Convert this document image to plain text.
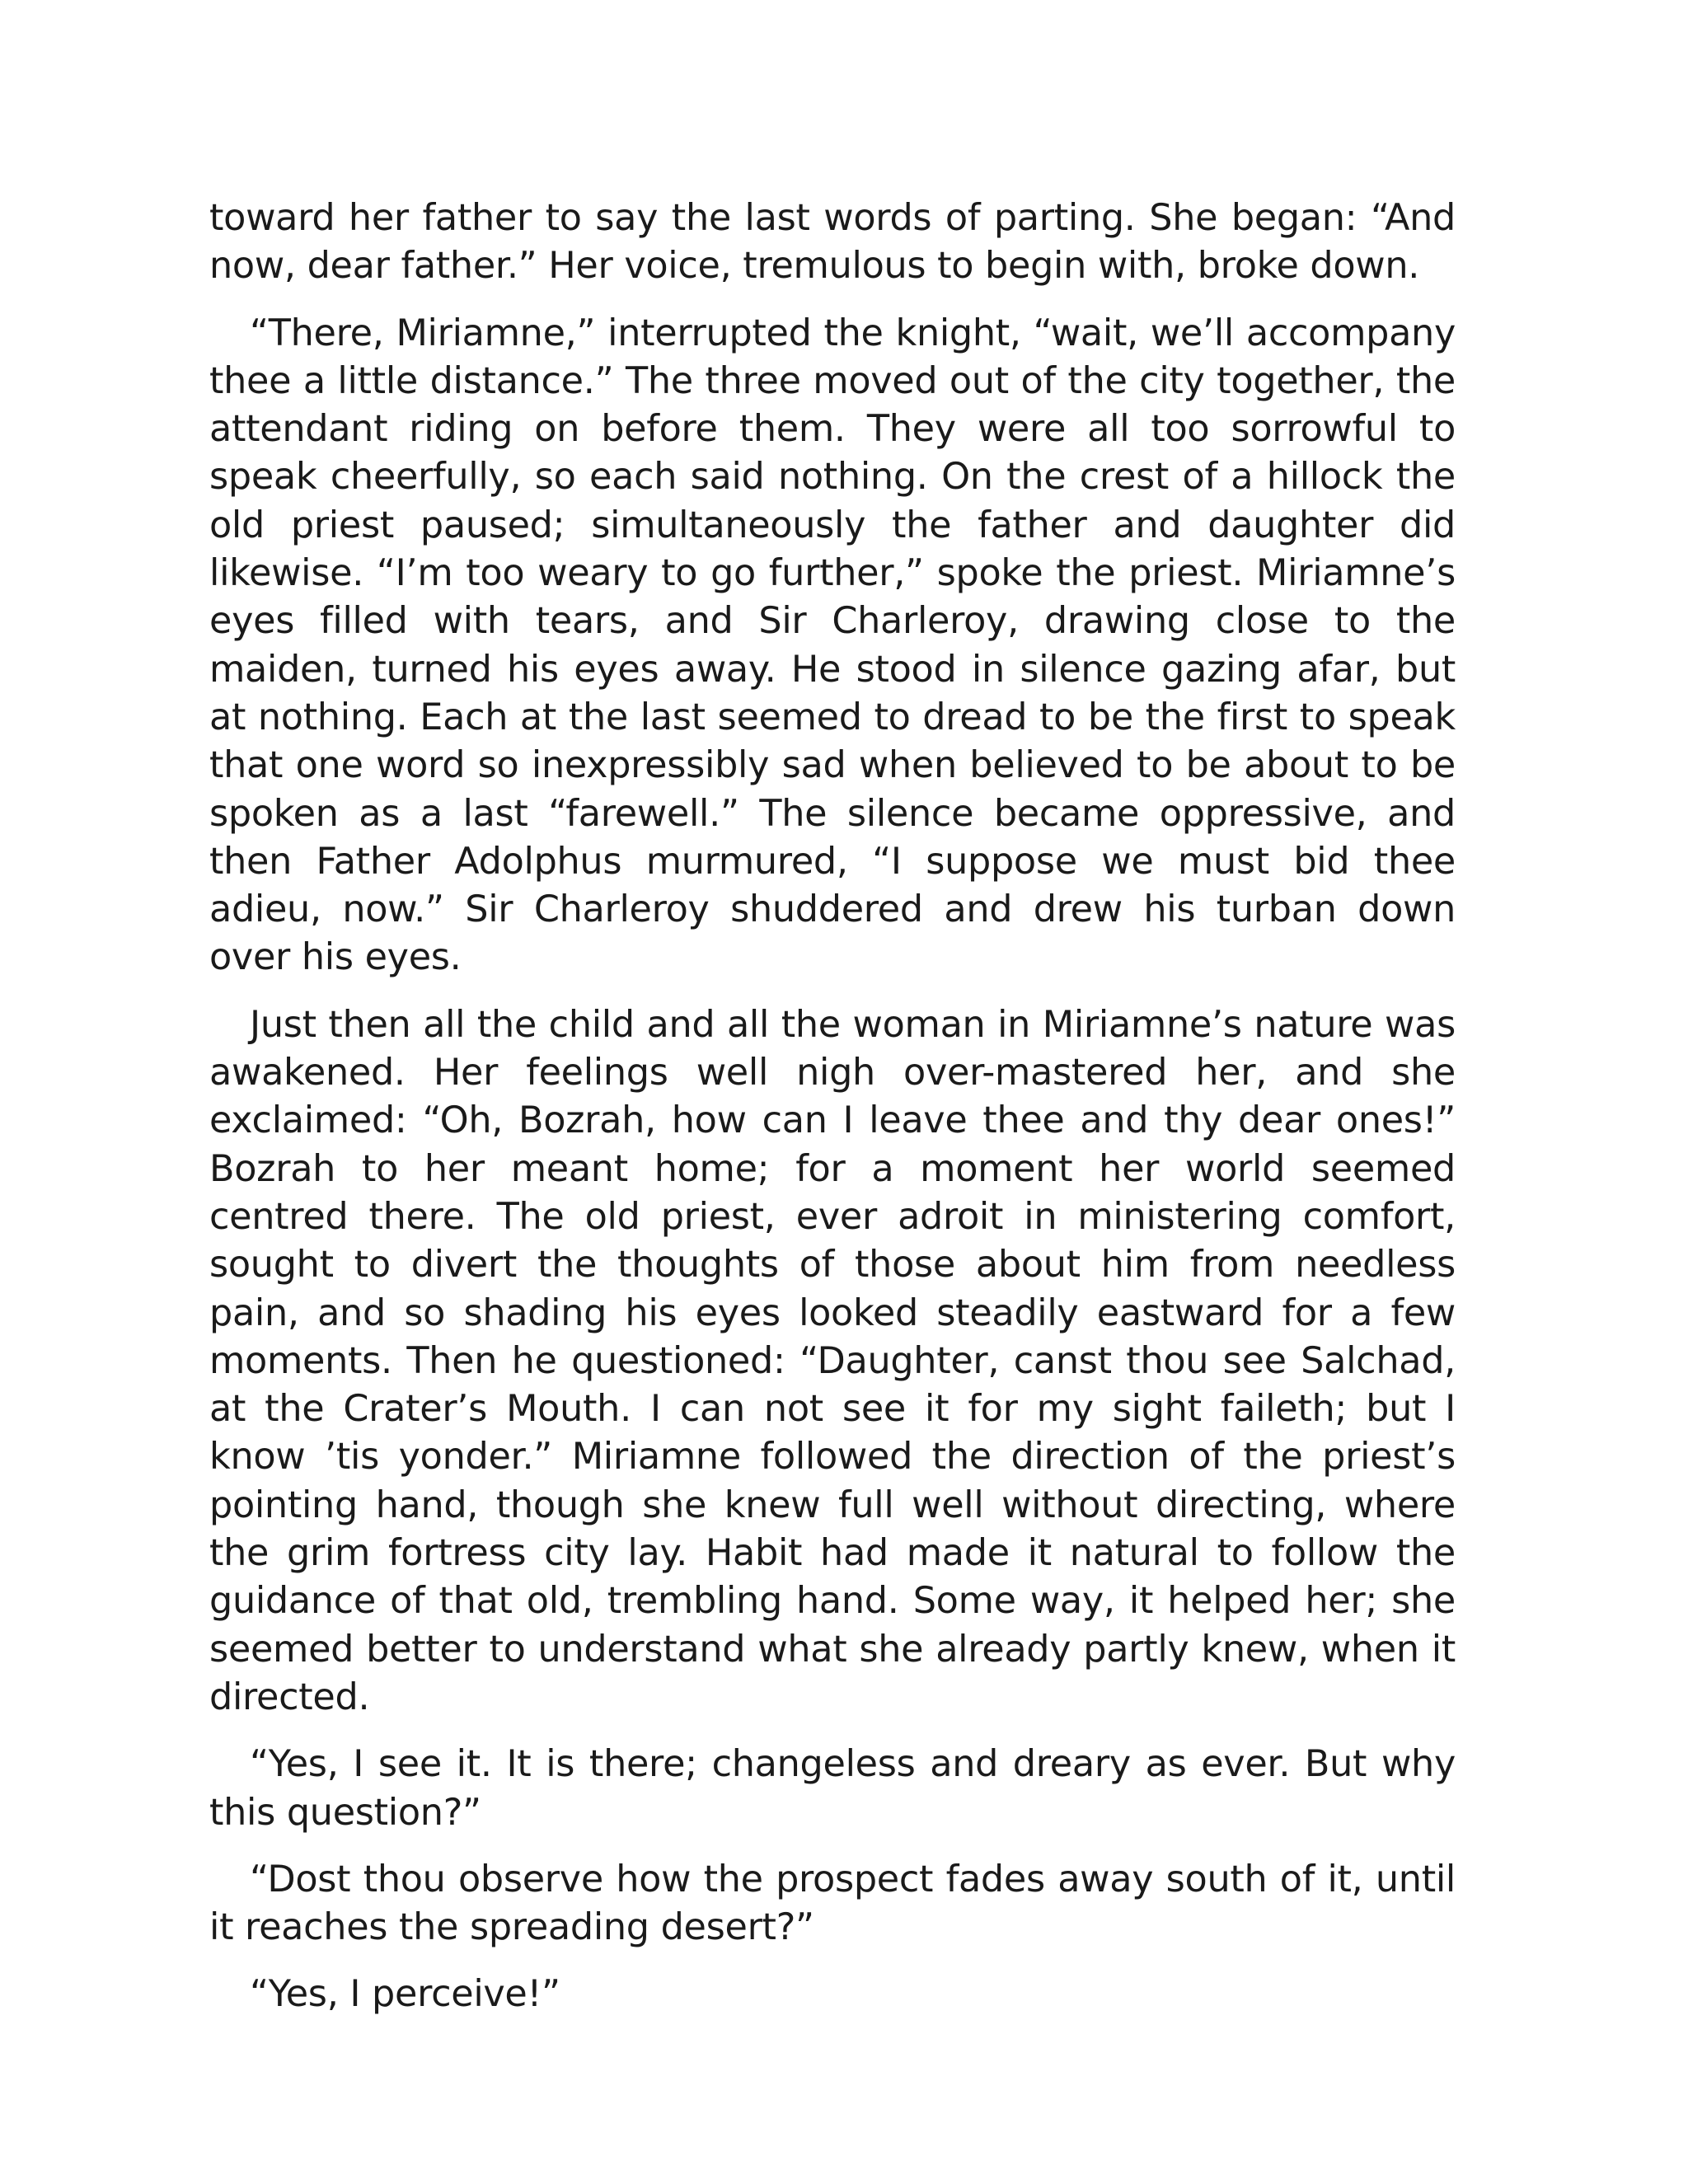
toward her father to say the last words of parting. She began: “And now, dear father.” Her voice, tremulous to begin with, broke down.

“There, Miriamne,” interrupted the knight, “wait, we’ll accompany thee a little distance.” The three moved out of the city together, the attendant riding on before them. They were all too sorrowful to speak cheerfully, so each said nothing. On the crest of a hillock the old priest paused; simultaneously the father and daughter did likewise. “I’m too weary to go further,” spoke the priest. Miriamne’s eyes filled with tears, and Sir Charleroy, drawing close to the maiden, turned his eyes away. He stood in silence gazing afar, but at nothing. Each at the last seemed to dread to be the first to speak that one word so inexpressibly sad when believed to be about to be spoken as a last “farewell.” The silence became oppressive, and then Father Adolphus murmured, “I suppose we must bid thee adieu, now.” Sir Charleroy shuddered and drew his turban down over his eyes.

Just then all the child and all the woman in Miriamne’s nature was awakened. Her feelings well nigh over-mastered her, and she exclaimed: “Oh, Bozrah, how can I leave thee and thy dear ones!” Bozrah to her meant home; for a moment her world seemed centred there. The old priest, ever adroit in ministering comfort, sought to divert the thoughts of those about him from needless pain, and so shading his eyes looked steadily eastward for a few moments. Then he questioned: “Daughter, canst thou see Salchad, at the Crater’s Mouth. I can not see it for my sight faileth; but I know ’tis yonder.” Miriamne followed the direction of the priest’s pointing hand, though she knew full well without directing, where the grim fortress city lay. Habit had made it natural to follow the guidance of that old, trembling hand. Some way, it helped her; she seemed better to understand what she already partly knew, when it directed.

“Yes, I see it. It is there; changeless and dreary as ever. But why this question?”

“Dost thou observe how the prospect fades away south of it, until it reaches the spreading desert?”

“Yes, I perceive!”
